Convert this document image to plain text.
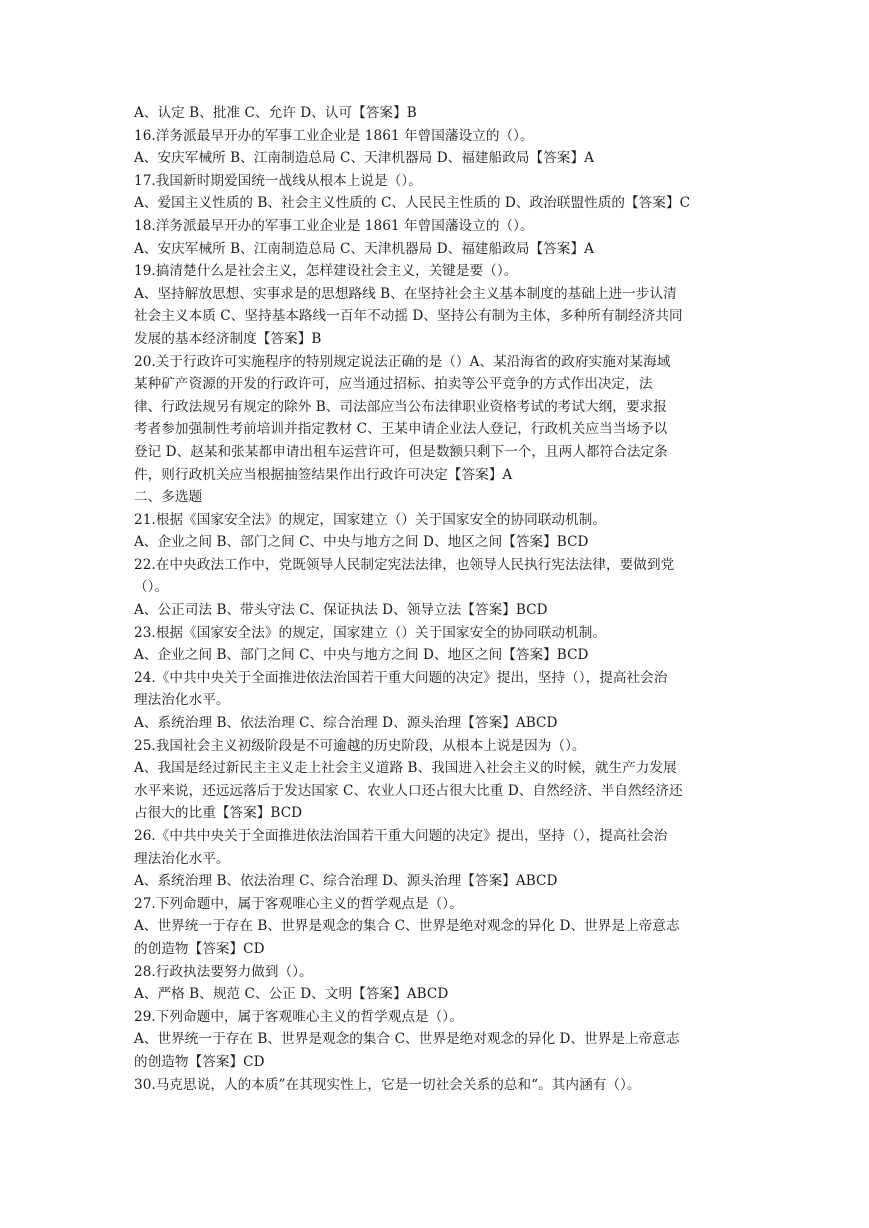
A、认定 B、批准 C、允许 D、认可【答案】B
16.洋务派最早开办的军事工业企业是 1861 年曾国藩设立的（）。
A、安庆军械所 B、江南制造总局 C、天津机器局 D、福建船政局【答案】A
17.我国新时期爱国统一战线从根本上说是（）。
A、爱国主义性质的 B、社会主义性质的 C、人民民主性质的 D、政治联盟性质的【答案】C
18.洋务派最早开办的军事工业企业是 1861 年曾国藩设立的（）。
A、安庆军械所 B、江南制造总局 C、天津机器局 D、福建船政局【答案】A
19.搞清楚什么是社会主义，怎样建设社会主义，关键是要（）。
A、坚持解放思想、实事求是的思想路线 B、在坚持社会主义基本制度的基础上进一步认清
社会主义本质 C、坚持基本路线一百年不动摇 D、坚持公有制为主体，多种所有制经济共同
发展的基本经济制度【答案】B
20.关于行政许可实施程序的特别规定说法正确的是（）A、某沿海省的政府实施对某海域
某种矿产资源的开发的行政许可，应当通过招标、拍卖等公平竞争的方式作出决定，法
律、行政法规另有规定的除外 B、司法部应当公布法律职业资格考试的考试大纲，要求报
考者参加强制性考前培训并指定教材 C、王某申请企业法人登记，行政机关应当当场予以
登记 D、赵某和张某都申请出租车运营许可，但是数额只剩下一个，且两人都符合法定条
件，则行政机关应当根据抽签结果作出行政许可决定【答案】A
二、多选题
21.根据《国家安全法》的规定，国家建立（）关于国家安全的协同联动机制。
A、企业之间 B、部门之间 C、中央与地方之间 D、地区之间【答案】BCD
22.在中央政法工作中，党既领导人民制定宪法法律，也领导人民执行宪法法律，要做到党
（）。
A、公正司法 B、带头守法 C、保证执法 D、领导立法【答案】BCD
23.根据《国家安全法》的规定，国家建立（）关于国家安全的协同联动机制。
A、企业之间 B、部门之间 C、中央与地方之间 D、地区之间【答案】BCD
24.《中共中央关于全面推进依法治国若干重大问题的决定》提出，坚持（），提高社会治
理法治化水平。
A、系统治理 B、依法治理 C、综合治理 D、源头治理【答案】ABCD
25.我国社会主义初级阶段是不可逾越的历史阶段，从根本上说是因为（）。
A、我国是经过新民主主义走上社会主义道路 B、我国进入社会主义的时候，就生产力发展
水平来说，还远远落后于发达国家 C、农业人口还占很大比重 D、自然经济、半自然经济还
占很大的比重【答案】BCD
26.《中共中央关于全面推进依法治国若干重大问题的决定》提出，坚持（），提高社会治
理法治化水平。
A、系统治理 B、依法治理 C、综合治理 D、源头治理【答案】ABCD
27.下列命题中，属于客观唯心主义的哲学观点是（）。
A、世界统一于存在 B、世界是观念的集合 C、世界是绝对观念的异化 D、世界是上帝意志
的创造物【答案】CD
28.行政执法要努力做到（）。
A、严格 B、规范 C、公正 D、文明【答案】ABCD
29.下列命题中，属于客观唯心主义的哲学观点是（）。
A、世界统一于存在 B、世界是观念的集合 C、世界是绝对观念的异化 D、世界是上帝意志
的创造物【答案】CD
30.马克思说，人的本质”在其现实性上，它是一切社会关系的总和“。其内涵有（）。
